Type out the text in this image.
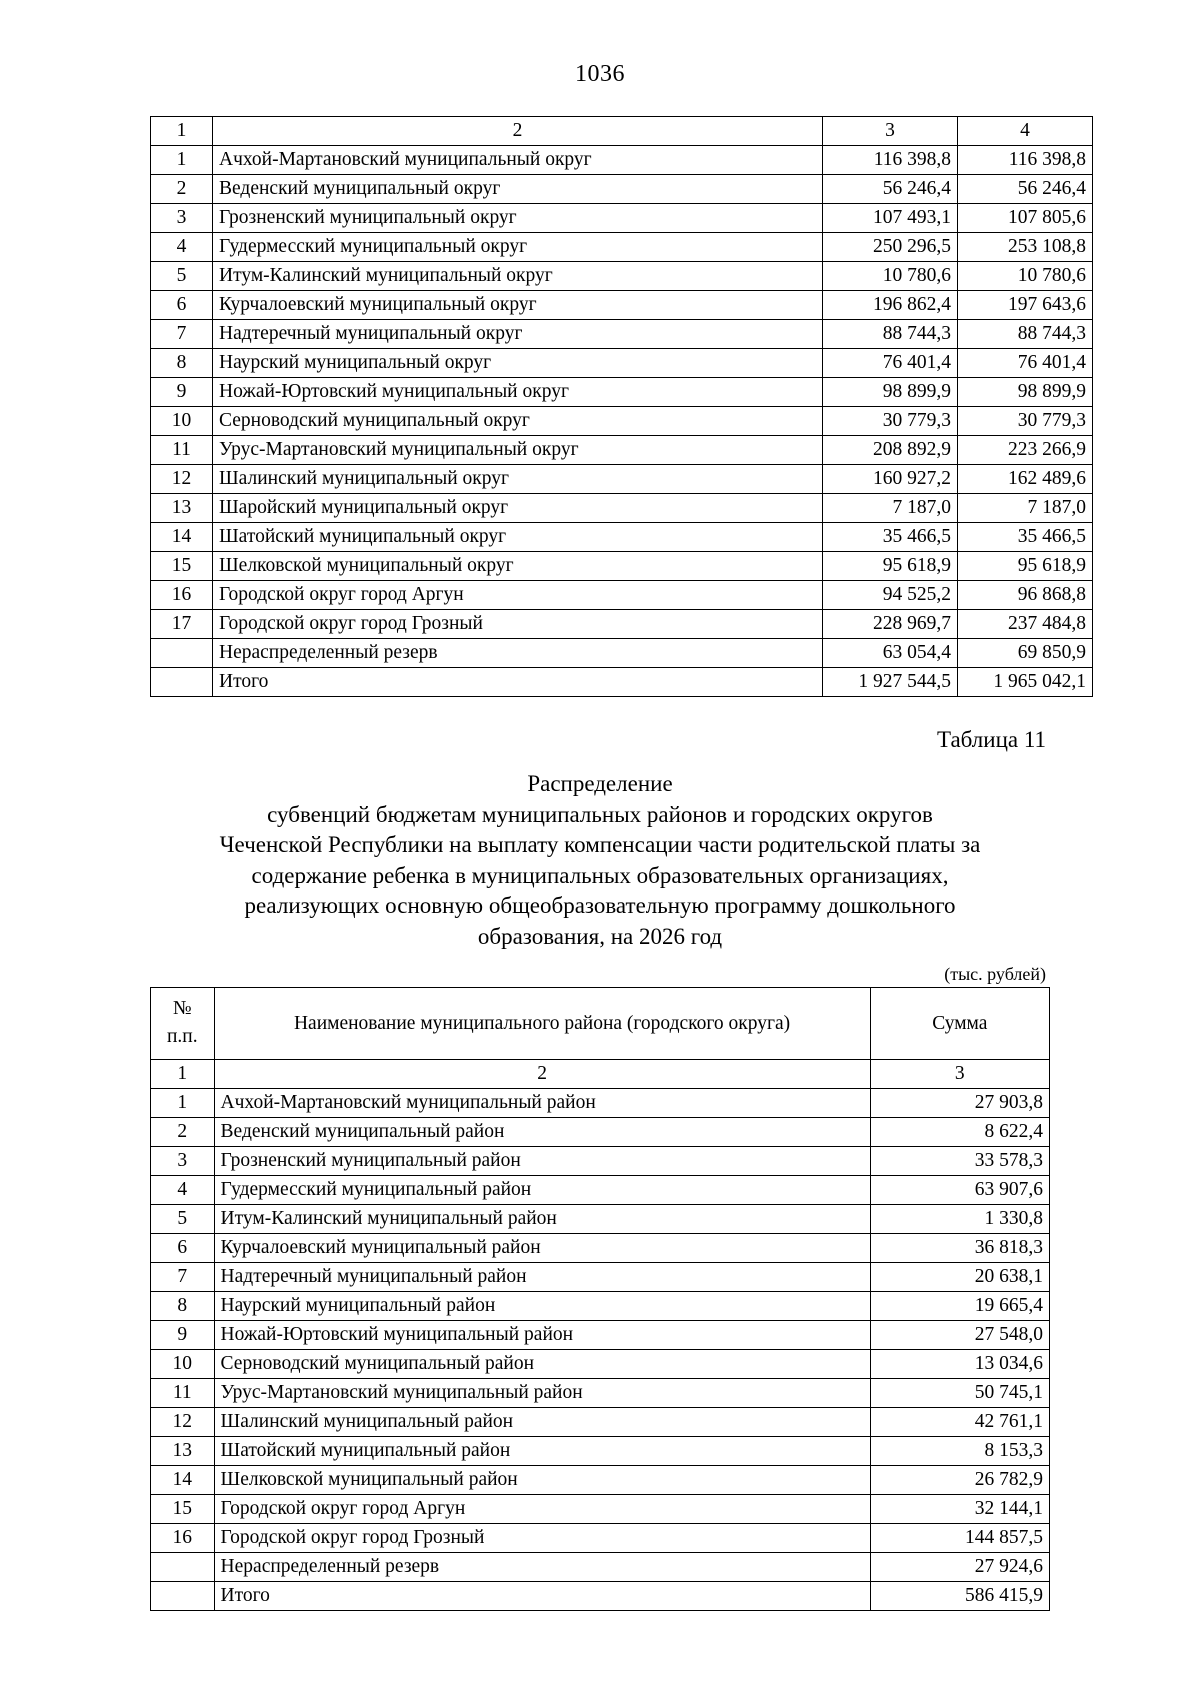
1036
1	2	3	4
1	Ачхой-Мартановский муниципальный округ	116 398,8	116 398,8
2	Веденский муниципальный округ	56 246,4	56 246,4
3	Грозненский муниципальный округ	107 493,1	107 805,6
4	Гудермесский муниципальный округ	250 296,5	253 108,8
5	Итум-Калинский муниципальный округ	10 780,6	10 780,6
6	Курчалоевский муниципальный округ	196 862,4	197 643,6
7	Надтеречный муниципальный округ	88 744,3	88 744,3
8	Наурский муниципальный округ	76 401,4	76 401,4
9	Ножай-Юртовский муниципальный округ	98 899,9	98 899,9
10	Серноводский муниципальный округ	30 779,3	30 779,3
11	Урус-Мартановский муниципальный округ	208 892,9	223 266,9
12	Шалинский муниципальный округ	160 927,2	162 489,6
13	Шаройский муниципальный округ	7 187,0	7 187,0
14	Шатойский муниципальный округ	35 466,5	35 466,5
15	Шелковской муниципальный округ	95 618,9	95 618,9
16	Городской округ город Аргун	94 525,2	96 868,8
17	Городской округ город Грозный	228 969,7	237 484,8
	Нераспределенный резерв	63 054,4	69 850,9
	Итого	1 927 544,5	1 965 042,1
Таблица 11
Распределение
субвенций бюджетам муниципальных районов и городских округов
Чеченской Республики на выплату компенсации части родительской платы за
содержание ребенка в муниципальных образовательных организациях,
реализующих основную общеобразовательную программу дошкольного
образования, на 2026 год
(тыс. рублей)
№
п.п.	Наименование муниципального района (городского округа)	Сумма
1	2	3
1	Ачхой-Мартановский муниципальный район	27 903,8
2	Веденский муниципальный район	8 622,4
3	Грозненский муниципальный район	33 578,3
4	Гудермесский муниципальный район	63 907,6
5	Итум-Калинский муниципальный район	1 330,8
6	Курчалоевский муниципальный район	36 818,3
7	Надтеречный муниципальный район	20 638,1
8	Наурский муниципальный район	19 665,4
9	Ножай-Юртовский муниципальный район	27 548,0
10	Серноводский муниципальный район	13 034,6
11	Урус-Мартановский муниципальный район	50 745,1
12	Шалинский муниципальный район	42 761,1
13	Шатойский муниципальный район	8 153,3
14	Шелковской муниципальный район	26 782,9
15	Городской округ город Аргун	32 144,1
16	Городской округ город Грозный	144 857,5
	Нераспределенный резерв	27 924,6
	Итого	586 415,9
